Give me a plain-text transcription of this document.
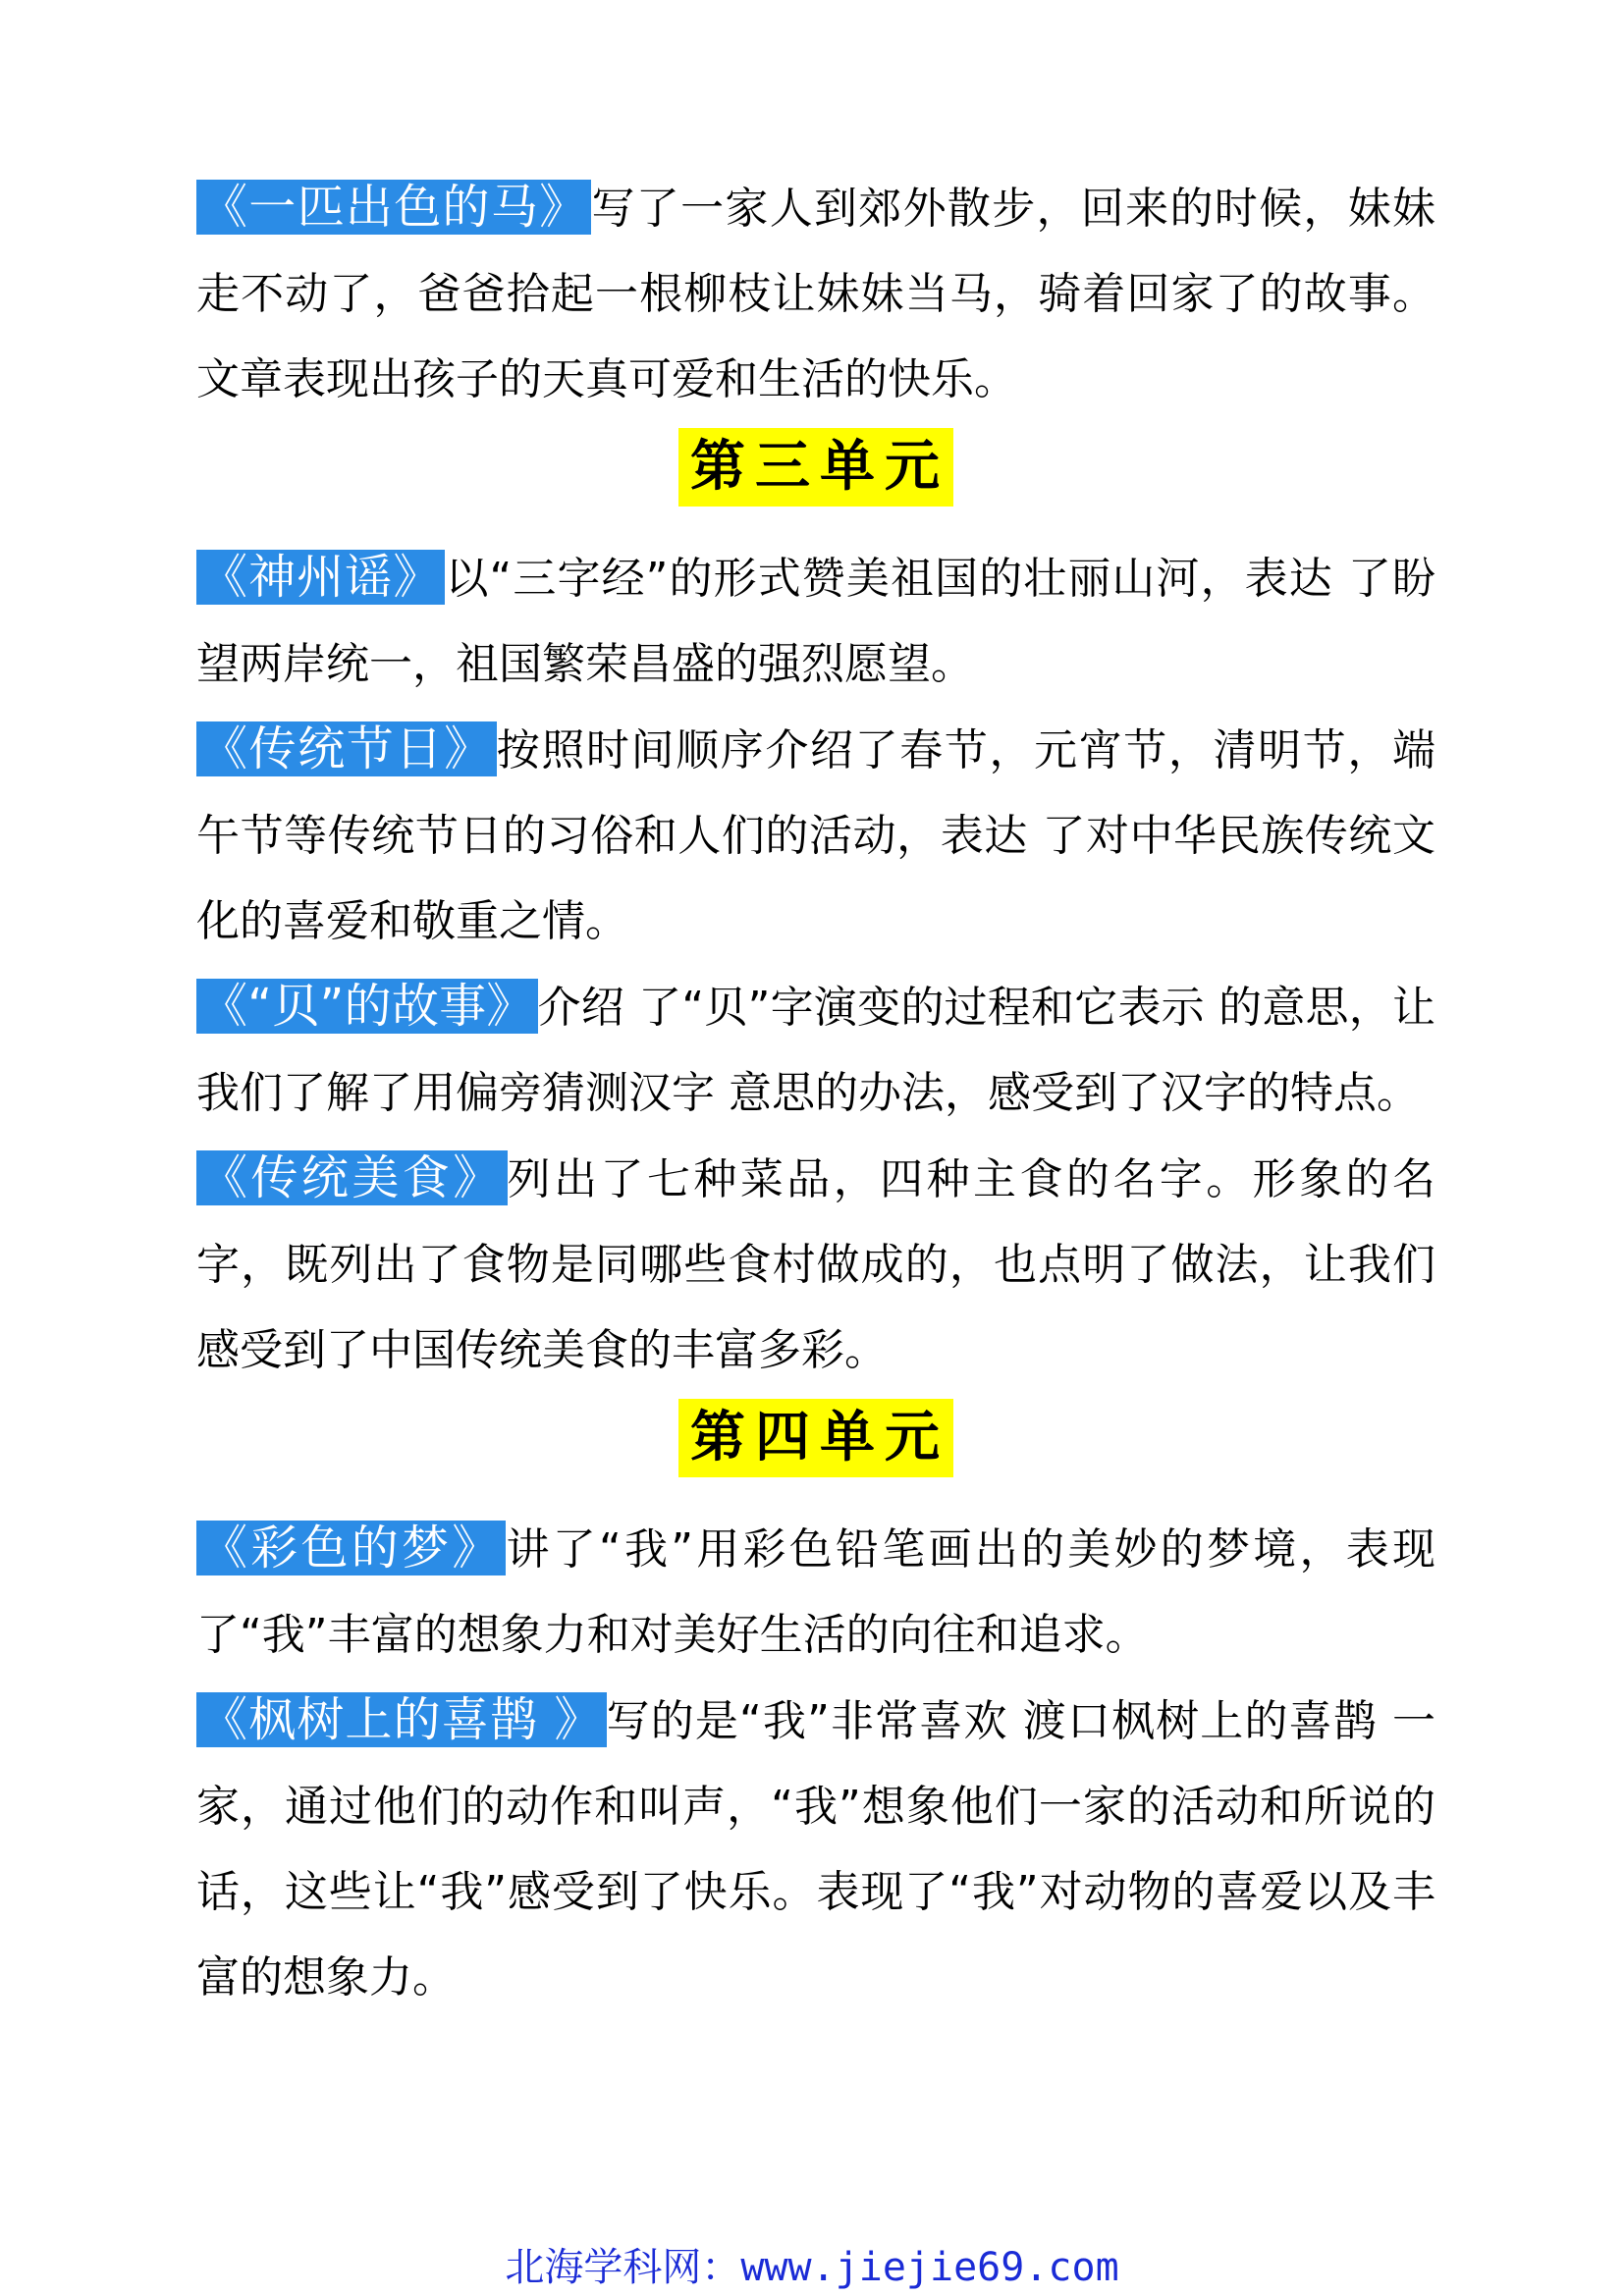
《一匹出色的马》写了一家人到郊外散步，回来的时候，妹妹走不动了，爸爸拾起一根柳枝让妹妹当马，骑着回家了的故事。文章表现出孩子的天真可爱和生活的快乐。

第三单元

《神州谣》以“三字经”的形式赞美祖国的壮丽山河，表达 了盼望两岸统一，祖国繁荣昌盛的强烈愿望。

《传统节日》按照时间顺序介绍了春节，元宵节，清明节，端午节等传统节日的习俗和人们的活动，表达 了对中华民族传统文化的喜爱和敬重之情。

《“贝”的故事》介绍 了“贝”字演变的过程和它表示 的意思，让我们了解了用偏旁猜测汉字 意思的办法，感受到了汉字的特点。

《传统美食》列出了七种菜品，四种主食的名字。形象的名字，既列出了食物是同哪些食村做成的，也点明了做法，让我们感受到了中国传统美食的丰富多彩。

第四单元

《彩色的梦》讲了“我”用彩色铅笔画出的美妙的梦境，表现了“我”丰富的想象力和对美好生活的向往和追求。

《枫树上的喜鹊 》写的是“我”非常喜欢 渡口枫树上的喜鹊 一家，通过他们的动作和叫声，“我”想象他们一家的活动和所说的话，这些让“我”感受到了快乐。表现了“我”对动物的喜爱以及丰富的想象力。

北海学科网：www.jiejie69.com
